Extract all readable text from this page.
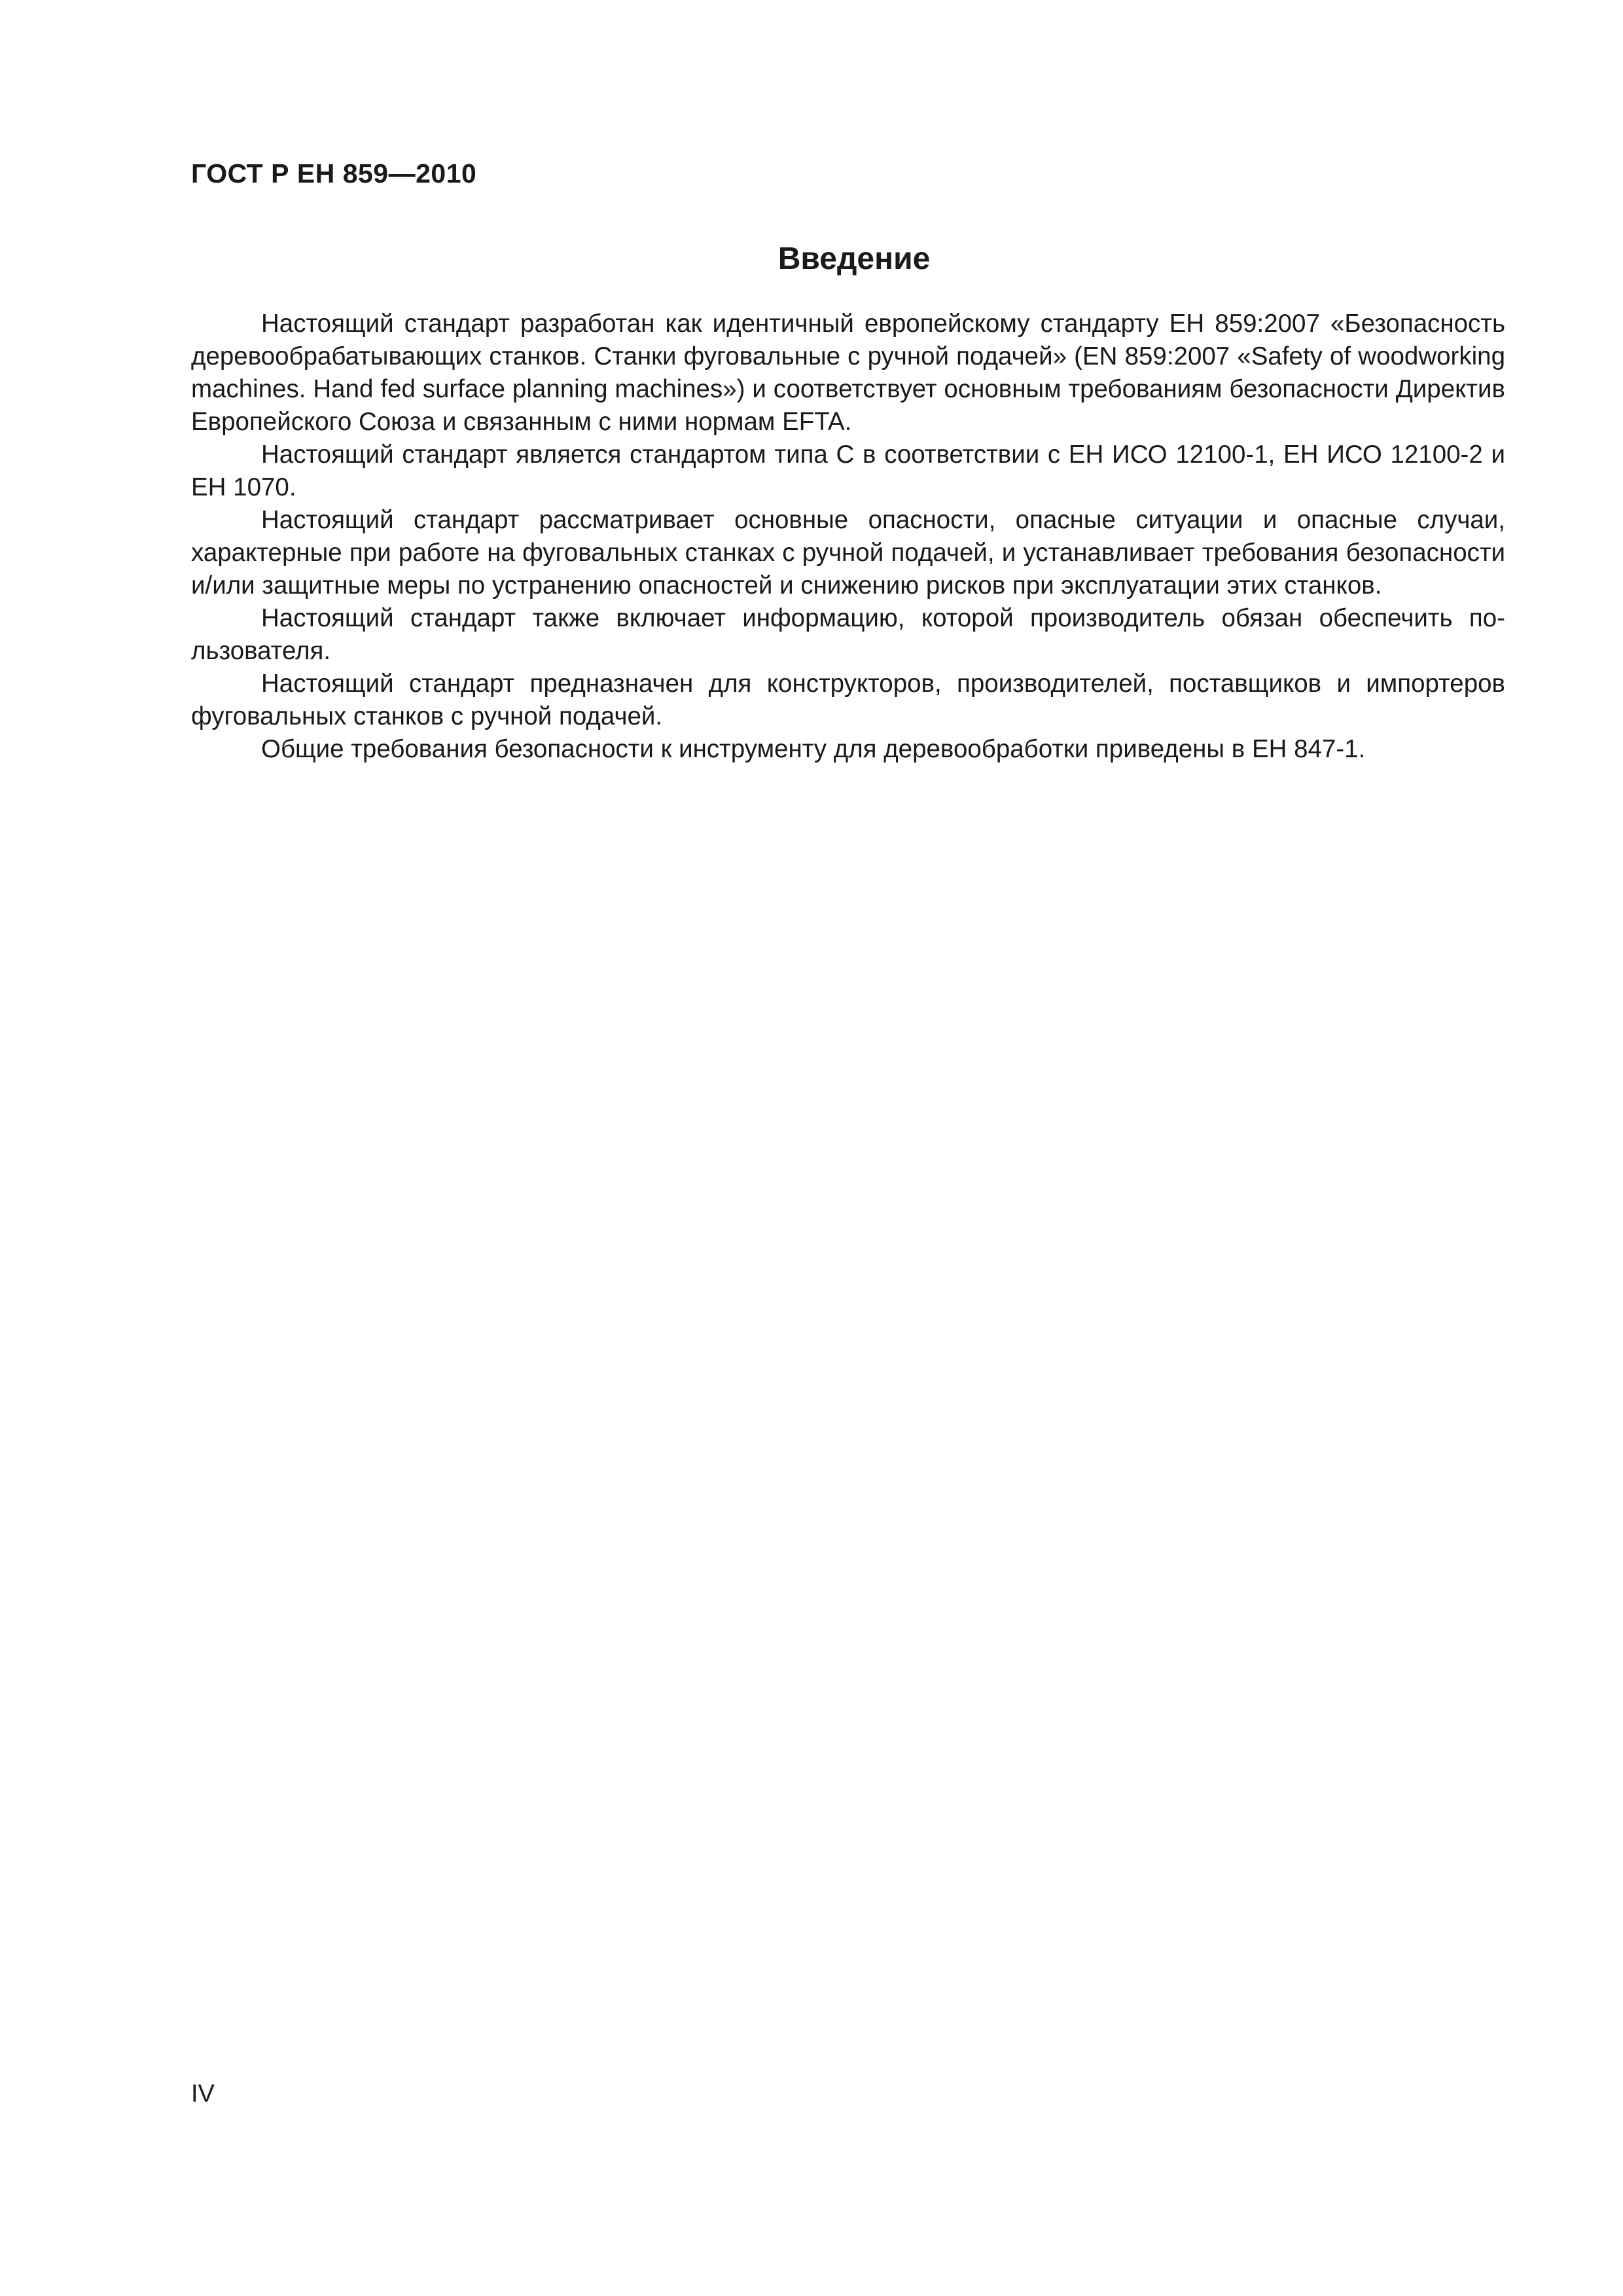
ГОСТ Р ЕН 859—2010

Введение

Настоящий стандарт разработан как идентичный европейскому стандарту ЕН 859:2007 «Безопасность деревообрабатывающих станков. Станки фуговальные с ручной подачей» (EN 859:2007 «Safety of woodworking machines. Hand fed surface planning machines») и соответствует основным требованиям безопасности Директив Европейского Союза и связанным с ними нормам EFTA.

Настоящий стандарт является стандартом типа С в соответствии с ЕН ИСО 12100-1, ЕН ИСО 12100-2 и ЕН 1070.

Настоящий стандарт рассматривает основные опасности, опасные ситуации и опасные случаи, характерные при работе на фуговальных станках с ручной подачей, и устанавливает требования безопасности и/или защитные меры по устранению опасностей и снижению рисков при эксплуатации этих станков.

Настоящий стандарт также включает информацию, которой производитель обязан обеспечить пользователя.

Настоящий стандарт предназначен для конструкторов, производителей, поставщиков и импортеров фуговальных станков с ручной подачей.

Общие требования безопасности к инструменту для деревообработки приведены в ЕН 847-1.

IV
